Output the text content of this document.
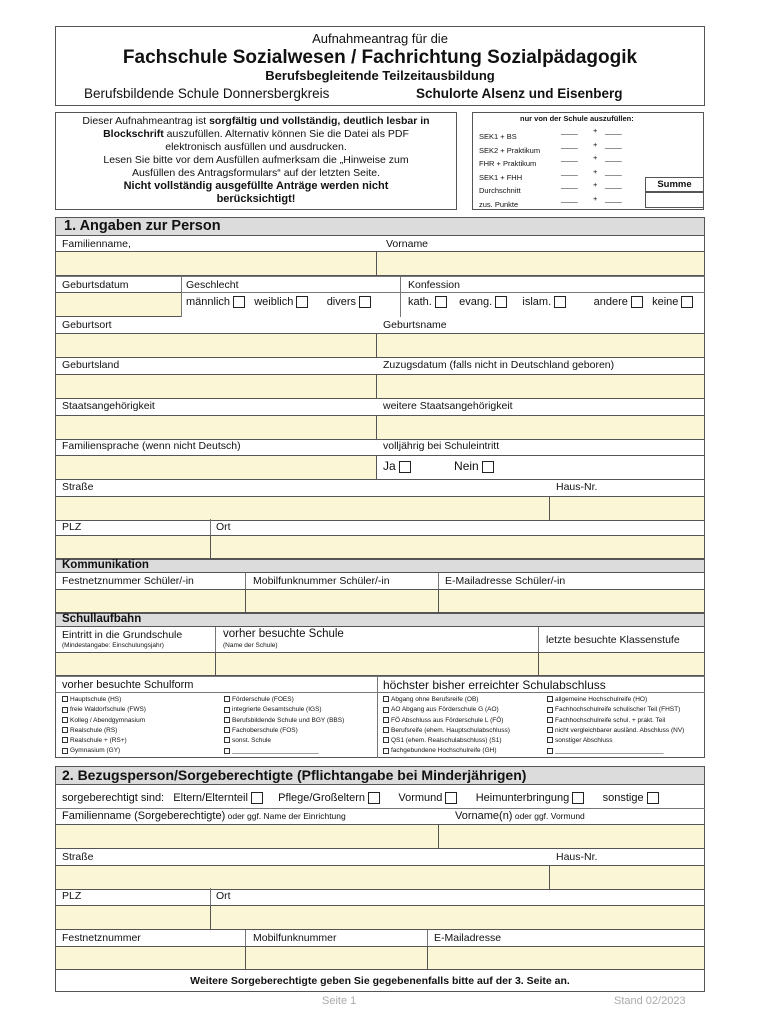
Aufnahmeantrag für die
Fachschule Sozialwesen / Fachrichtung Sozialpädagogik
Berufsbegleitende Teilzeitausbildung
Berufsbildende Schule Donnersbergkreis	Schulorte Alsenz und Eisenberg
Dieser Aufnahmeantrag ist sorgfältig und vollständig, deutlich lesbar in
Blockschrift auszufüllen. Alternativ können Sie die Datei als PDF
elektronisch ausfüllen und ausdrucken.
Lesen Sie bitte vor dem Ausfüllen aufmerksam die „Hinweise zum
Ausfüllen des Antragsformulars“ auf der letzten Seite.
Nicht vollständig ausgefüllte Anträge werden nicht
berücksichtigt!
nur von der Schule auszufüllen:
SEK1 + BS
____ + ____
SEK2 + Praktikum
____ + ____
FHR + Praktikum
____ + ____
SEK1 + FHH
____ + ____
Durchschnitt
____ + ____
zus. Punkte
____ + ____
Summe
1. Angaben zur Person
Familienname,	Vorname
Geburtsdatum	Geschlecht	Konfession
männlich weiblich	divers	kath. evang.	islam.	andere keine
Geburtsort	Geburtsname
Geburtsland	Zuzugsdatum (falls nicht in Deutschland geboren)
Staatsangehörigkeit	weitere Staatsangehörigkeit
Familiensprache (wenn nicht Deutsch)	volljährig bei Schuleintritt
Ja	Nein
Straße	Haus-Nr.
PLZ	Ort
Kommunikation
Festnetznummer Schüler/-in	Mobilfunknummer Schüler/-in	E-Mailadresse Schüler/-in
Schullaufbahn
Eintritt in die Grundschule
(Mindestangabe: Einschulungsjahr)
vorher besuchte Schule
(Name der Schule)	letzte besuchte Klassenstufe
vorher besuchte Schulform	höchster bisher erreichter Schulabschluss
Hauptschule (HS)
freie Waldorfschule (FWS)
Kolleg / Abendgymnasium
Realschule (RS)
Realschule + (RS+)
Gymnasium (GY)
Förderschule (FOES)
integrierte Gesamtschule (IGS)
Berufsbildende Schule und BGY (BBS)
Fachoberschule (FOS)
sonst. Schule
________________________
Abgang ohne Berufsreife (OB)
AO Abgang aus Förderschule G (AO)
FÖ Abschluss aus Förderschule L (FÖ)
Berufsreife (ehem. Hauptschulabschluss)
QS1 (ehem. Realschulabschluss) (S1)
fachgebundene Hochschulreife (GH)
allgemeine Hochschulreife (HO)
Fachhochschulreife schulischer Teil (FHST)
Fachhochschulreife schul. + prakt. Teil
nicht vergleichbarer ausländ. Abschluss (NV)
sonstiger Abschluss
______________________________
2. Bezugsperson/Sorgeberechtigte (Pflichtangabe bei Minderjährigen)
sorgeberechtigt sind: Eltern/Elternteil	Pflege/Großeltern	Vormund	Heimunterbringung	sonstige
Familienname (Sorgeberechtigte) oder ggf. Name der Einrichtung	Vorname(n) oder ggf. Vormund
Straße	Haus-Nr.
PLZ	Ort
Festnetznummer	Mobilfunknummer	E-Mailadresse
Weitere Sorgeberechtigte geben Sie gegebenenfalls bitte auf der 3. Seite an.
Seite 1	Stand 02/2023
